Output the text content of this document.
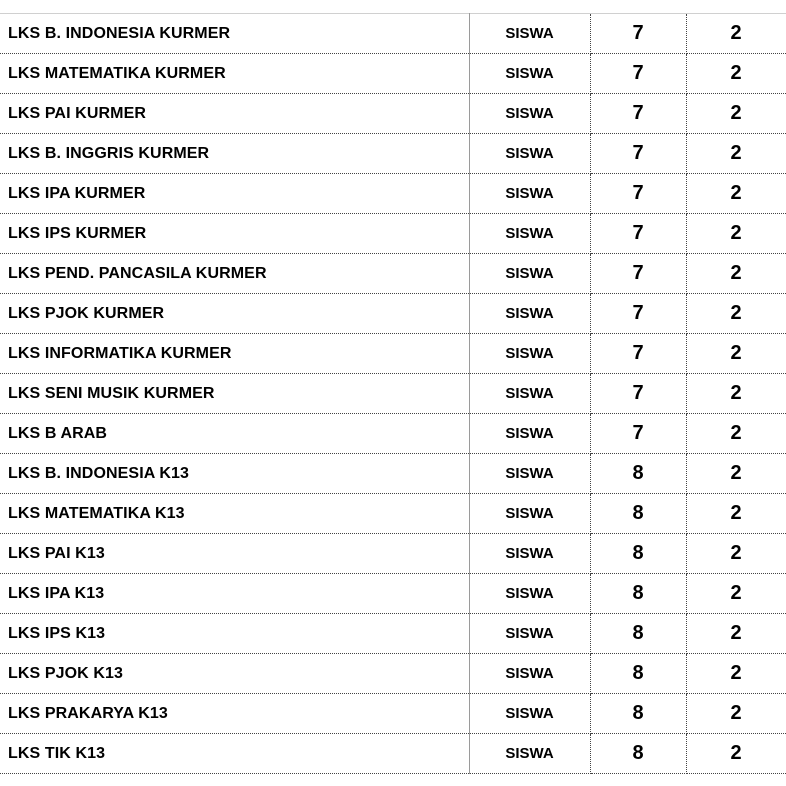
LKS B. INDONESIA KURMER	SISWA	7	2
LKS MATEMATIKA KURMER	SISWA	7	2
LKS PAI KURMER	SISWA	7	2
LKS B. INGGRIS KURMER	SISWA	7	2
LKS IPA KURMER	SISWA	7	2
LKS IPS KURMER	SISWA	7	2
LKS PEND. PANCASILA KURMER	SISWA	7	2
LKS PJOK KURMER	SISWA	7	2
LKS INFORMATIKA KURMER	SISWA	7	2
LKS SENI MUSIK KURMER	SISWA	7	2
LKS B ARAB	SISWA	7	2
LKS B. INDONESIA K13	SISWA	8	2
LKS MATEMATIKA K13	SISWA	8	2
LKS PAI K13	SISWA	8	2
LKS IPA K13	SISWA	8	2
LKS IPS K13	SISWA	8	2
LKS PJOK K13	SISWA	8	2
LKS PRAKARYA K13	SISWA	8	2
LKS TIK K13	SISWA	8	2
